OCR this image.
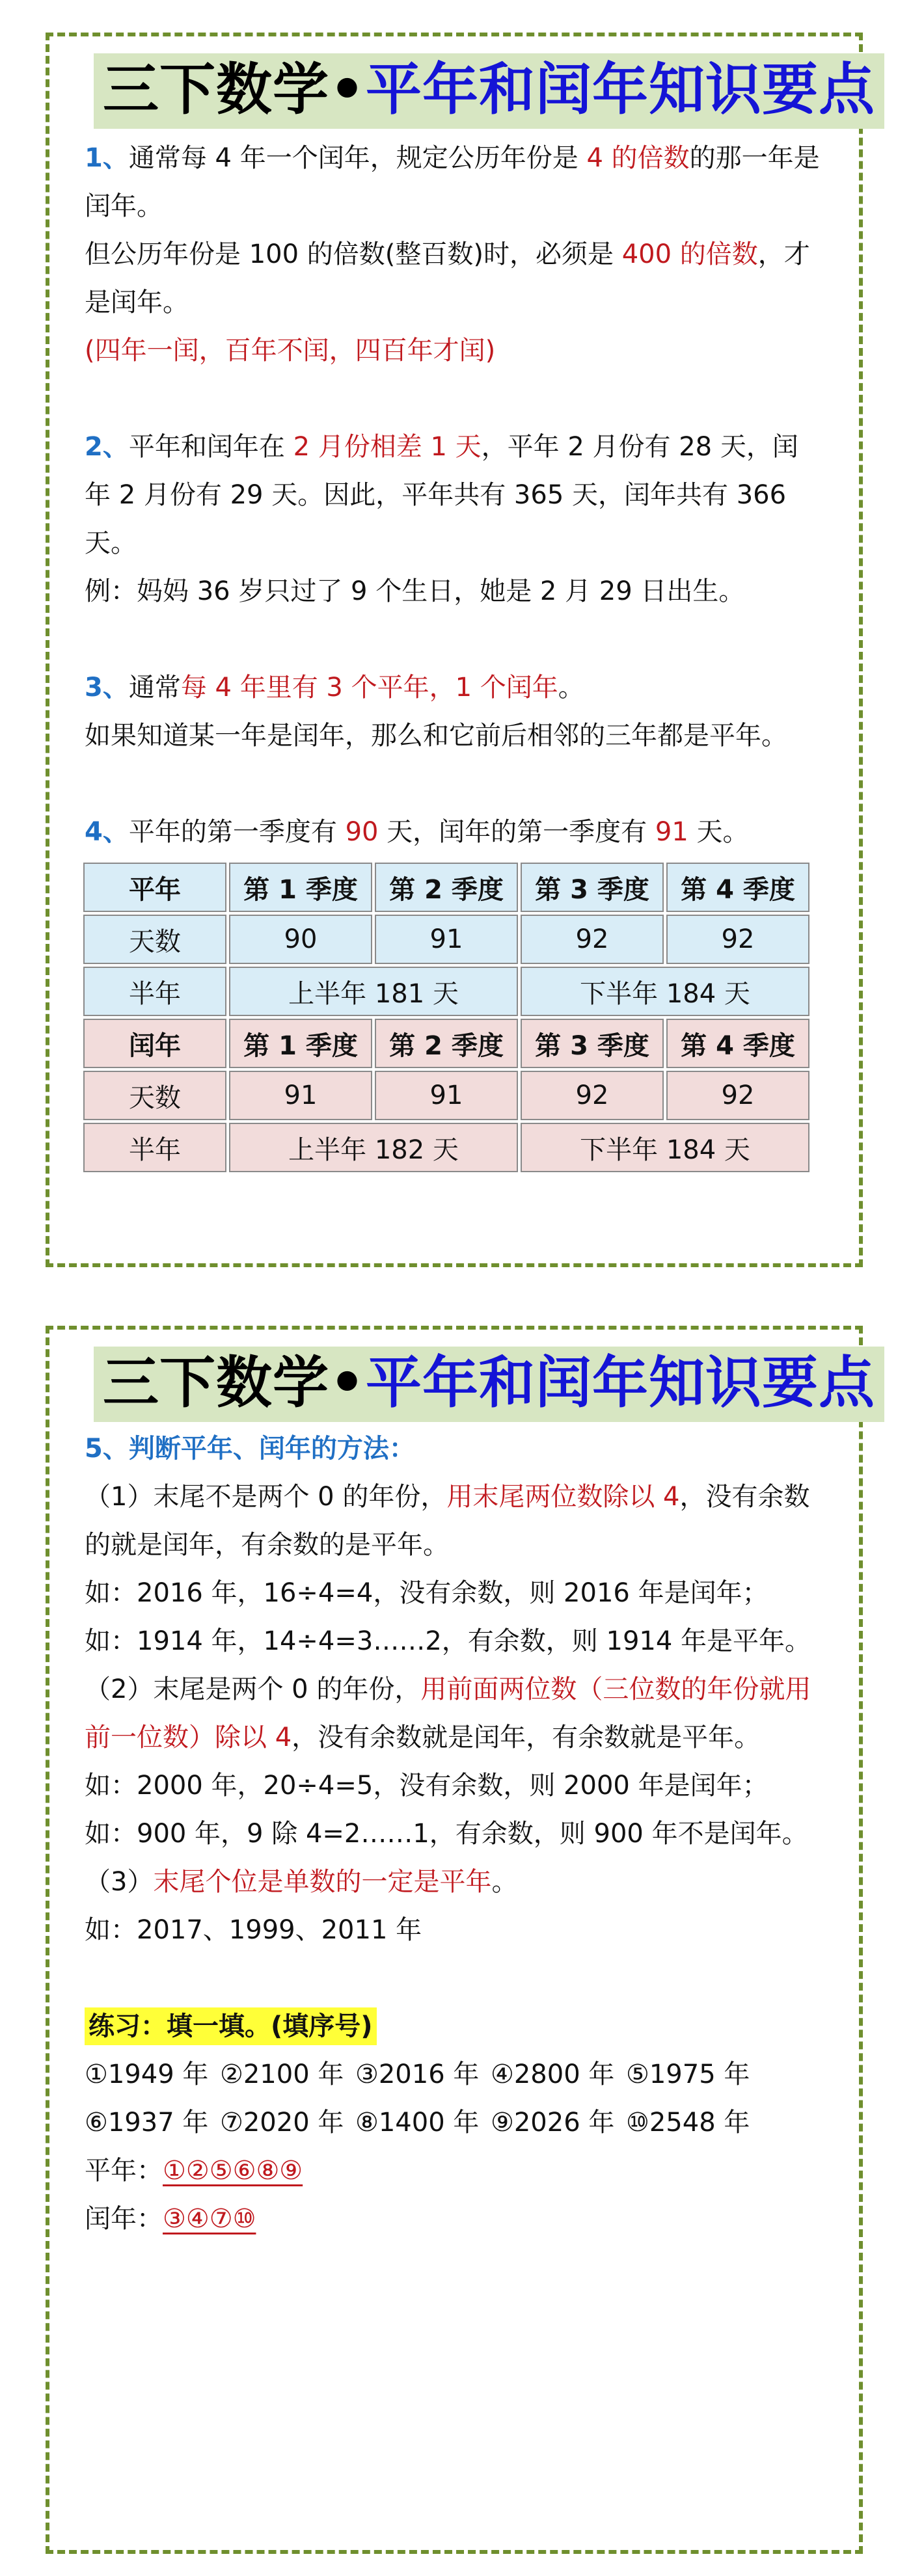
三下数学•平年和闰年知识要点

1、通常每 4 年一个闰年，规定公历年份是 4 的倍数的那一年是闰年。

但公历年份是 100 的倍数(整百数)时，必须是 400 的倍数，才是闰年。

(四年一闰，百年不闰，四百年才闰)

2、平年和闰年在 2 月份相差 1 天，平年 2 月份有 28 天，闰年 2 月份有 29 天。因此，平年共有 365 天，闰年共有 366 天。

例：妈妈 36 岁只过了 9 个生日，她是 2 月 29 日出生。

3、通常每 4 年里有 3 个平年，1 个闰年。

如果知道某一年是闰年，那么和它前后相邻的三年都是平年。

4、平年的第一季度有 90 天，闰年的第一季度有 91 天。

平年	第 1 季度	第 2 季度	第 3 季度	第 4 季度
天数	90	91	92	92
半年	上半年 181 天		下半年 184 天	
闰年	第 1 季度	第 2 季度	第 3 季度	第 4 季度
天数	91	91	92	92
半年	上半年 182 天		下半年 184 天	
三下数学•平年和闰年知识要点

5、判断平年、闰年的方法：

（1）末尾不是两个 0 的年份，用末尾两位数除以 4，没有余数的就是闰年，有余数的是平年。

如：2016 年，16÷4=4，没有余数，则 2016 年是闰年；

如：1914 年，14÷4=3……2，有余数，则 1914 年是平年。

（2）末尾是两个 0 的年份，用前面两位数（三位数的年份就用前一位数）除以 4，没有余数就是闰年，有余数就是平年。

如：2000 年，20÷4=5，没有余数，则 2000 年是闰年；

如：900 年，9 除 4=2……1，有余数，则 900 年不是闰年。

（3）末尾个位是单数的一定是平年。

如：2017、1999、2011 年

练习：填一填。(填序号)

①1949 年 ②2100 年 ③2016 年 ④2800 年 ⑤1975 年

⑥1937 年 ⑦2020 年 ⑧1400 年 ⑨2026 年 ⑩2548 年

平年：①②⑤⑥⑧⑨

闰年：③④⑦⑩
